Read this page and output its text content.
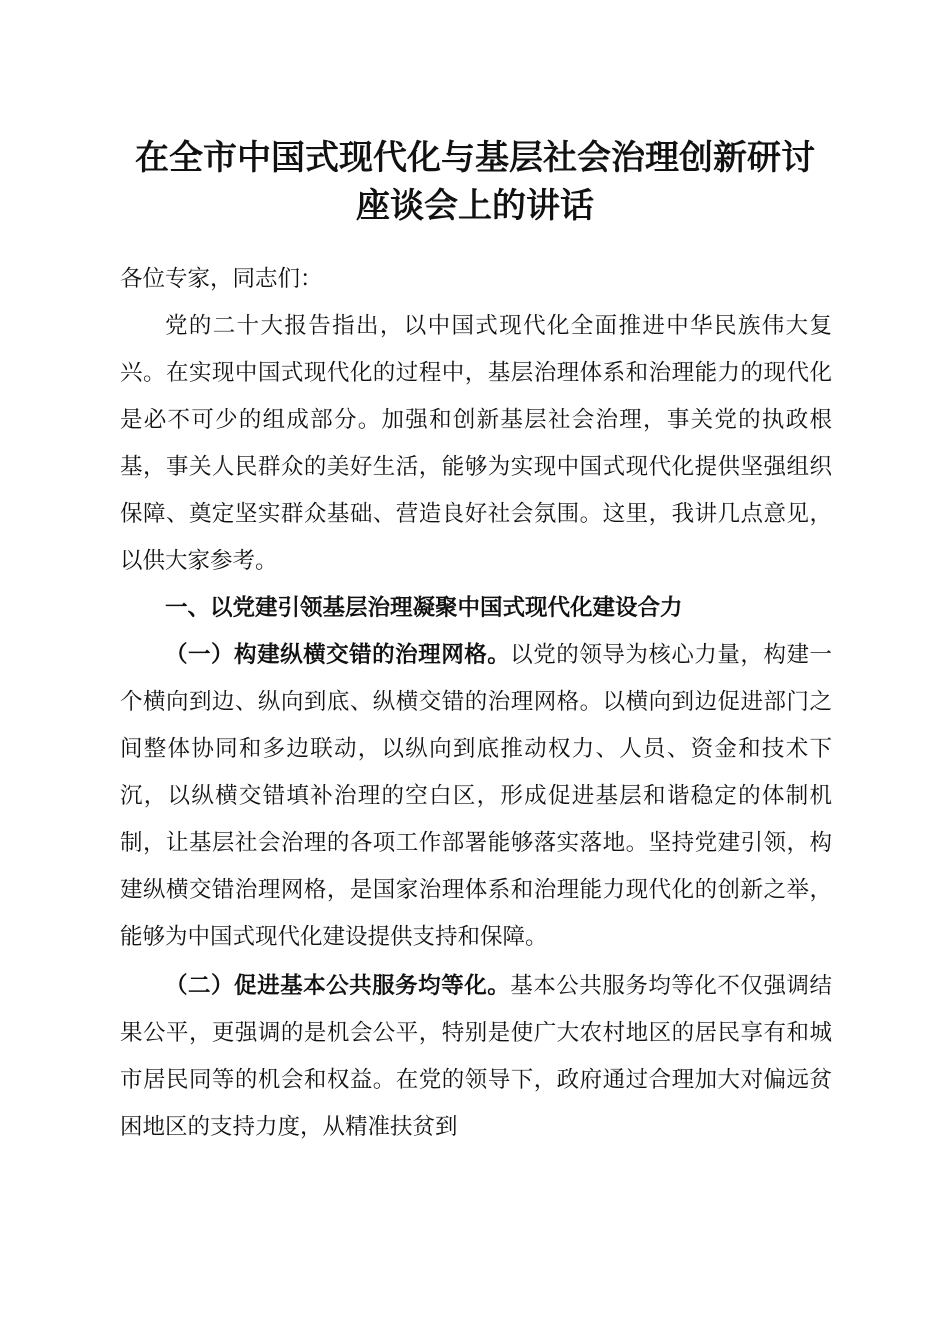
在全市中国式现代化与基层社会治理创新研讨
座谈会上的讲话

各位专家，同志们：

党的二十大报告指出，以中国式现代化全面推进中华民族伟大复兴。在实现中国式现代化的过程中，基层治理体系和治理能力的现代化是必不可少的组成部分。加强和创新基层社会治理，事关党的执政根基，事关人民群众的美好生活，能够为实现中国式现代化提供坚强组织保障、奠定坚实群众基础、营造良好社会氛围。这里，我讲几点意见，以供大家参考。

一、以党建引领基层治理凝聚中国式现代化建设合力

（一）构建纵横交错的治理网格。以党的领导为核心力量，构建一个横向到边、纵向到底、纵横交错的治理网格。以横向到边促进部门之间整体协同和多边联动，以纵向到底推动权力、人员、资金和技术下沉，以纵横交错填补治理的空白区，形成促进基层和谐稳定的体制机制，让基层社会治理的各项工作部署能够落实落地。坚持党建引领，构建纵横交错治理网格，是国家治理体系和治理能力现代化的创新之举，能够为中国式现代化建设提供支持和保障。

（二）促进基本公共服务均等化。基本公共服务均等化不仅强调结果公平，更强调的是机会公平，特别是使广大农村地区的居民享有和城市居民同等的机会和权益。在党的领导下，政府通过合理加大对偏远贫困地区的支持力度，从精准扶贫到
